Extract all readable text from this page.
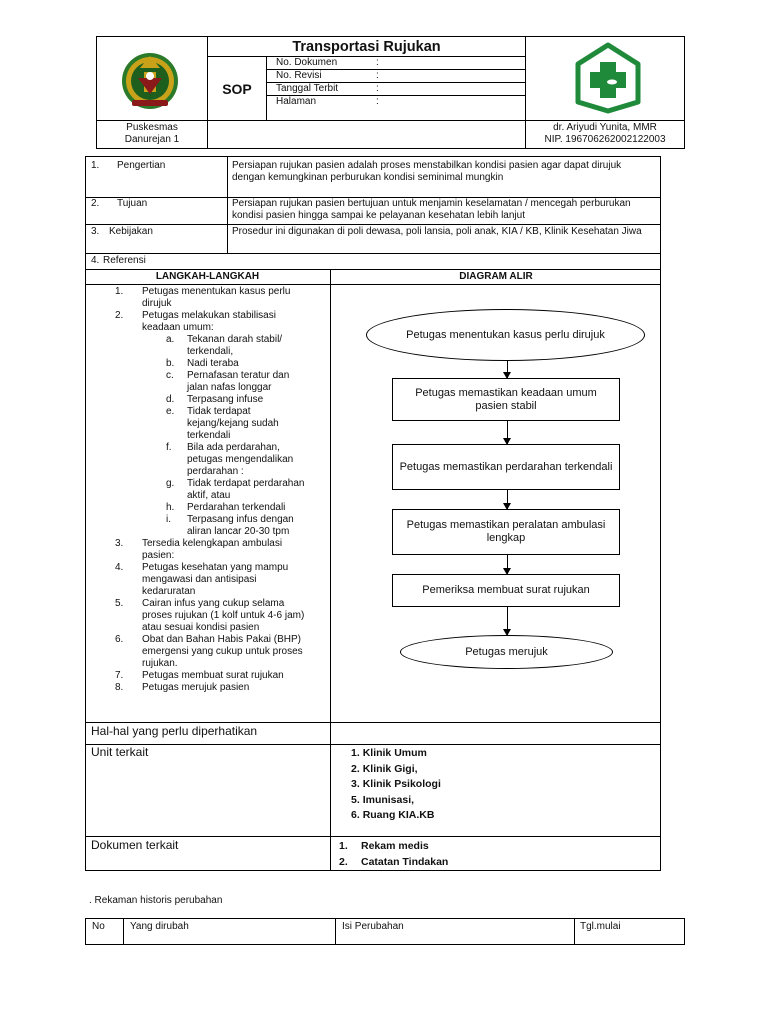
Transportasi Rujukan
SOP
No. Dokumen	:
No. Revisi	:
Tanggal Terbit	:
Halaman	:
Puskesmas
Danurejan 1
dr. Ariyudi Yunita, MMR
NIP. 196706262002122003
1. Pengertian	Persiapan rujukan pasien adalah proses menstabilkan kondisi pasien agar dapat dirujuk dengan kemungkinan perburukan kondisi seminimal mungkin
2. Tujuan	Persiapan rujukan pasien bertujuan untuk menjamin keselamatan / mencegah perburukan kondisi pasien hingga sampai ke pelayanan kesehatan lebih lanjut
3. Kebijakan	Prosedur ini digunakan di poli dewasa, poli lansia, poli anak, KIA / KB, Klinik Kesehatan Jiwa
4. Referensi
LANGKAH-LANGKAH	DIAGRAM ALIR
1.	Petugas menentukan kasus perlu dirujuk
2.	Petugas melakukan stabilisasi keadaan umum:
a.	Tekanan darah stabil/ terkendali,
b.	Nadi teraba
c.	Pernafasan teratur dan jalan nafas longgar
d.	Terpasang infuse
e.	Tidak terdapat kejang/kejang sudah terkendali
f.	Bila ada perdarahan, petugas mengendalikan perdarahan :
g.	Tidak terdapat perdarahan aktif, atau
h.	Perdarahan terkendali
i.	Terpasang infus dengan aliran lancar 20-30 tpm
3.	Tersedia kelengkapan ambulasi pasien:
4.	Petugas kesehatan yang mampu mengawasi dan antisipasi kedaruratan
5.	Cairan infus yang cukup selama proses rujukan (1 kolf untuk 4-6 jam) atau sesuai kondisi pasien
6.	Obat dan Bahan Habis Pakai (BHP) emergensi yang cukup untuk proses rujukan.
7.	Petugas membuat surat rujukan
8.	Petugas merujuk pasien
Petugas menentukan kasus perlu dirujuk
Petugas memastikan keadaan umum pasien stabil
Petugas memastikan perdarahan terkendali
Petugas memastikan peralatan ambulasi lengkap
Pemeriksa membuat surat rujukan
Petugas merujuk
Hal-hal yang perlu diperhatikan
Unit terkait	1. Klinik Umum
2. Klinik Gigi,
3. Klinik Psikologi
5. Imunisasi,
6. Ruang KIA.KB
Dokumen terkait	1.	Rekam medis
2.	Catatan Tindakan
. Rekaman historis perubahan
No	Yang dirubah	Isi Perubahan	Tgl.mulai
